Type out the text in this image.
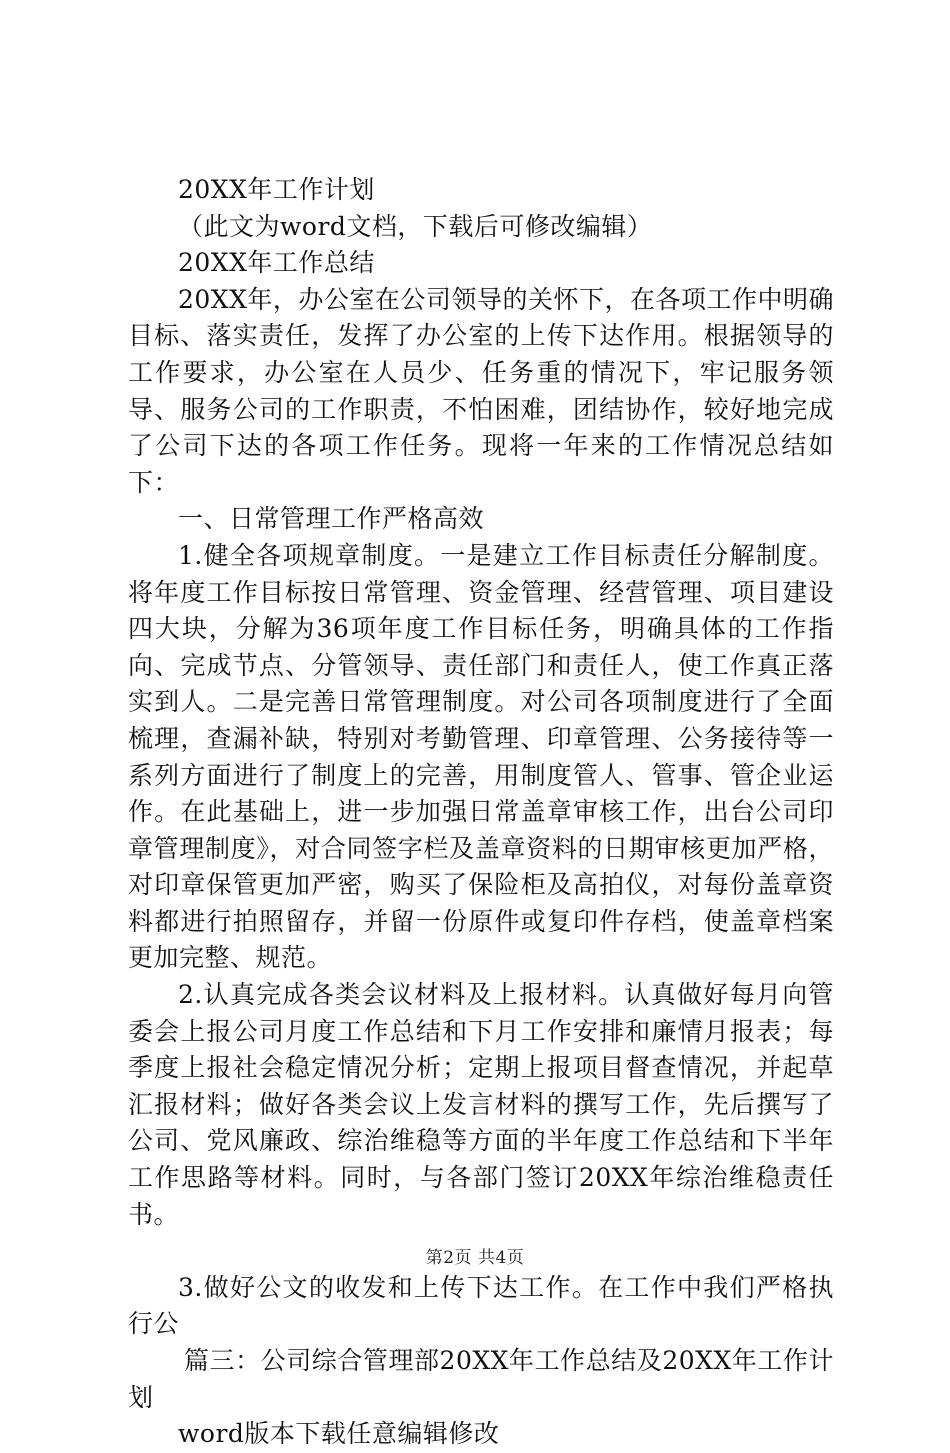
20XX年工作计划

（此文为word文档，下载后可修改编辑）

20XX年工作总结

20XX年，办公室在公司领导的关怀下，在各项工作中明确目标、落实责任，发挥了办公室的上传下达作用。根据领导的工作要求，办公室在人员少、任务重的情况下，牢记服务领导、服务公司的工作职责，不怕困难，团结协作，较好地完成了公司下达的各项工作任务。现将一年来的工作情况总结如下：

一、日常管理工作严格高效

1.健全各项规章制度。一是建立工作目标责任分解制度。将年度工作目标按日常管理、资金管理、经营管理、项目建设四大块，分解为36项年度工作目标任务，明确具体的工作指向、完成节点、分管领导、责任部门和责任人，使工作真正落实到人。二是完善日常管理制度。对公司各项制度进行了全面梳理，查漏补缺，特别对考勤管理、印章管理、公务接待等一系列方面进行了制度上的完善，用制度管人、管事、管企业运作。在此基础上，进一步加强日常盖章审核工作，出台公司印章管理制度》，对合同签字栏及盖章资料的日期审核更加严格，对印章保管更加严密，购买了保险柜及高拍仪，对每份盖章资料都进行拍照留存，并留一份原件或复印件存档，使盖章档案更加完整、规范。

2.认真完成各类会议材料及上报材料。认真做好每月向管委会上报公司月度工作总结和下月工作安排和廉情月报表；每季度上报社会稳定情况分析；定期上报项目督查情况，并起草汇报材料；做好各类会议上发言材料的撰写工作，先后撰写了公司、党风廉政、综治维稳等方面的半年度工作总结和下半年工作思路等材料。同时，与各部门签订20XX年综治维稳责任书。

3.做好公文的收发和上传下达工作。在工作中我们严格执行公

篇三：公司综合管理部20XX年工作总结及20XX年工作计划

word版本下载任意编辑修改

第2页 共4页
